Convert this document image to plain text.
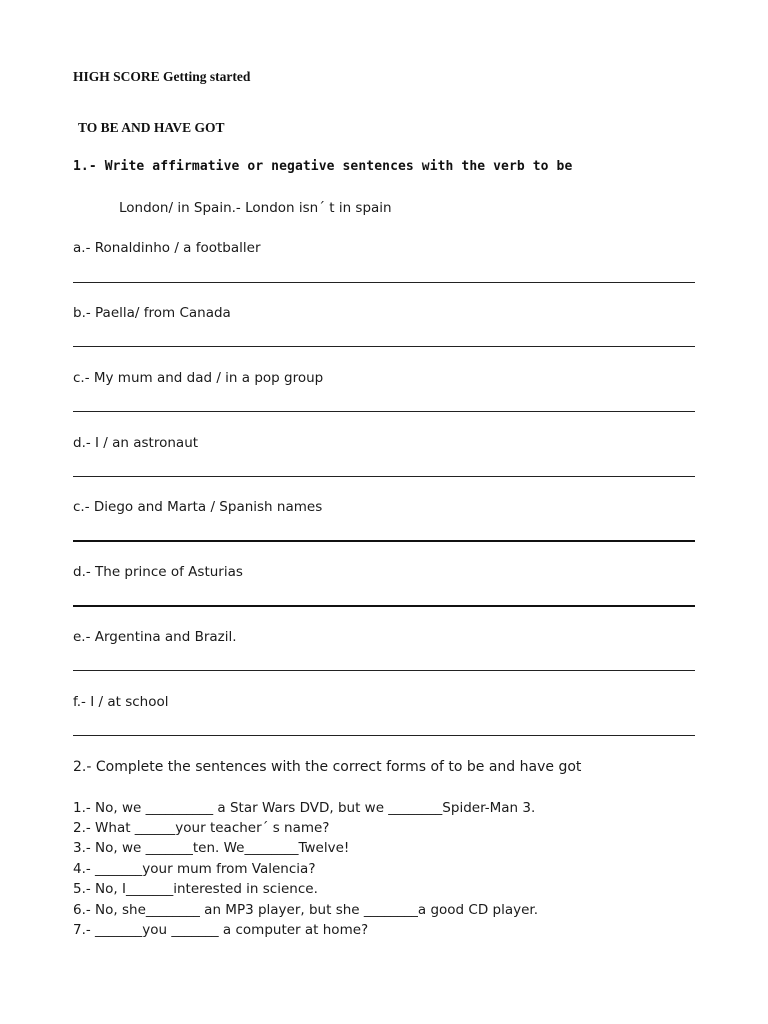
HIGH SCORE Getting started
TO BE AND HAVE GOT
1.- Write affirmative or negative sentences with the verb to be
London/ in Spain.- London isn´ t in spain
a.- Ronaldinho / a footballer
b.- Paella/ from Canada
c.- My mum and dad / in a pop group
d.- I / an astronaut
c.- Diego and Marta / Spanish names
d.- The prince of Asturias
e.- Argentina and Brazil.
f.- I / at school
2.- Complete the sentences with the correct forms of to be and have got
1.- No, we __________ a Star Wars DVD, but we ________Spider-Man 3.
2.- What ______your teacher´ s name?
3.- No, we _______ten. We________Twelve!
4.- _______your mum from Valencia?
5.- No, I_______interested in science.
6.- No, she________ an MP3 player, but she ________a good CD player.
7.- _______you _______ a computer at home?
